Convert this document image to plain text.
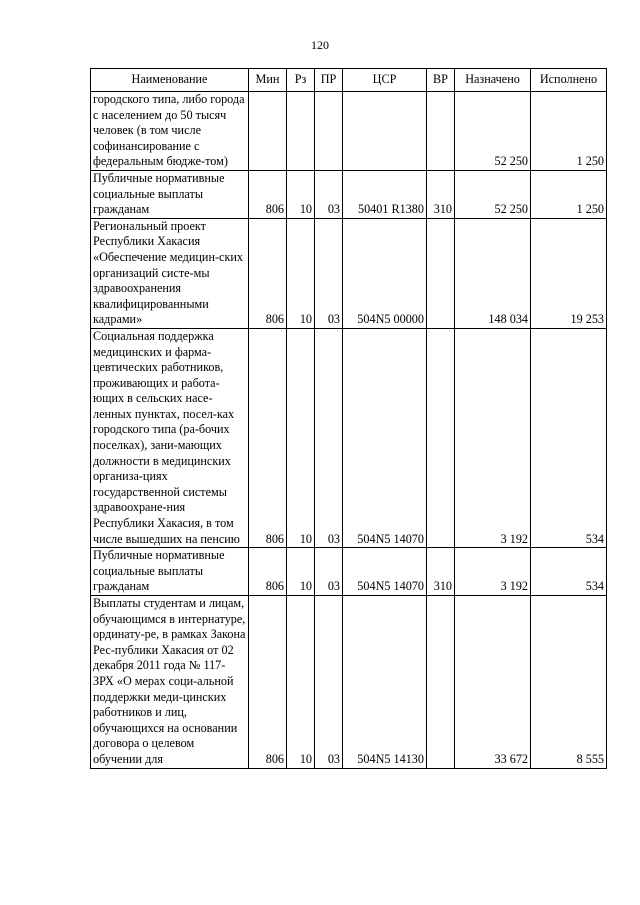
120
Наименование	Мин	Рз	ПР	ЦСР	ВР	Назначено	Исполнено
городского типа, либо города с населением до 50 тысяч человек (в том числе софинансирование с федеральным бюдже-том)						52 250	1 250
Публичные нормативные социальные выплаты гражданам	806	10	03	50401 R1380	310	52 250	1 250
Региональный проект Республики Хакасия «Обеспечение медицин-ских организаций систе-мы здравоохранения квалифицированными кадрами»	806	10	03	504N5 00000		148 034	19 253
Социальная поддержка медицинских и фарма-цевтических работников, проживающих и работа-ющих в сельских насе-ленных пунктах, посел-ках городского типа (ра-бочих поселках), зани-мающих должности в медицинских организа-циях государственной системы здравоохране-ния Республики Хакасия, в том числе вышедших на пенсию	806	10	03	504N5 14070		3 192	534
Публичные нормативные социальные выплаты гражданам	806	10	03	504N5 14070	310	3 192	534
Выплаты студентам и лицам, обучающимся в интернатуре, ординату-ре, в рамках Закона Рес-публики Хакасия от 02 декабря 2011 года № 117-ЗРХ «О мерах соци-альной поддержки меди-цинских работников и лиц, обучающихся на основании договора о целевом обучении для	806	10	03	504N5 14130		33 672	8 555
